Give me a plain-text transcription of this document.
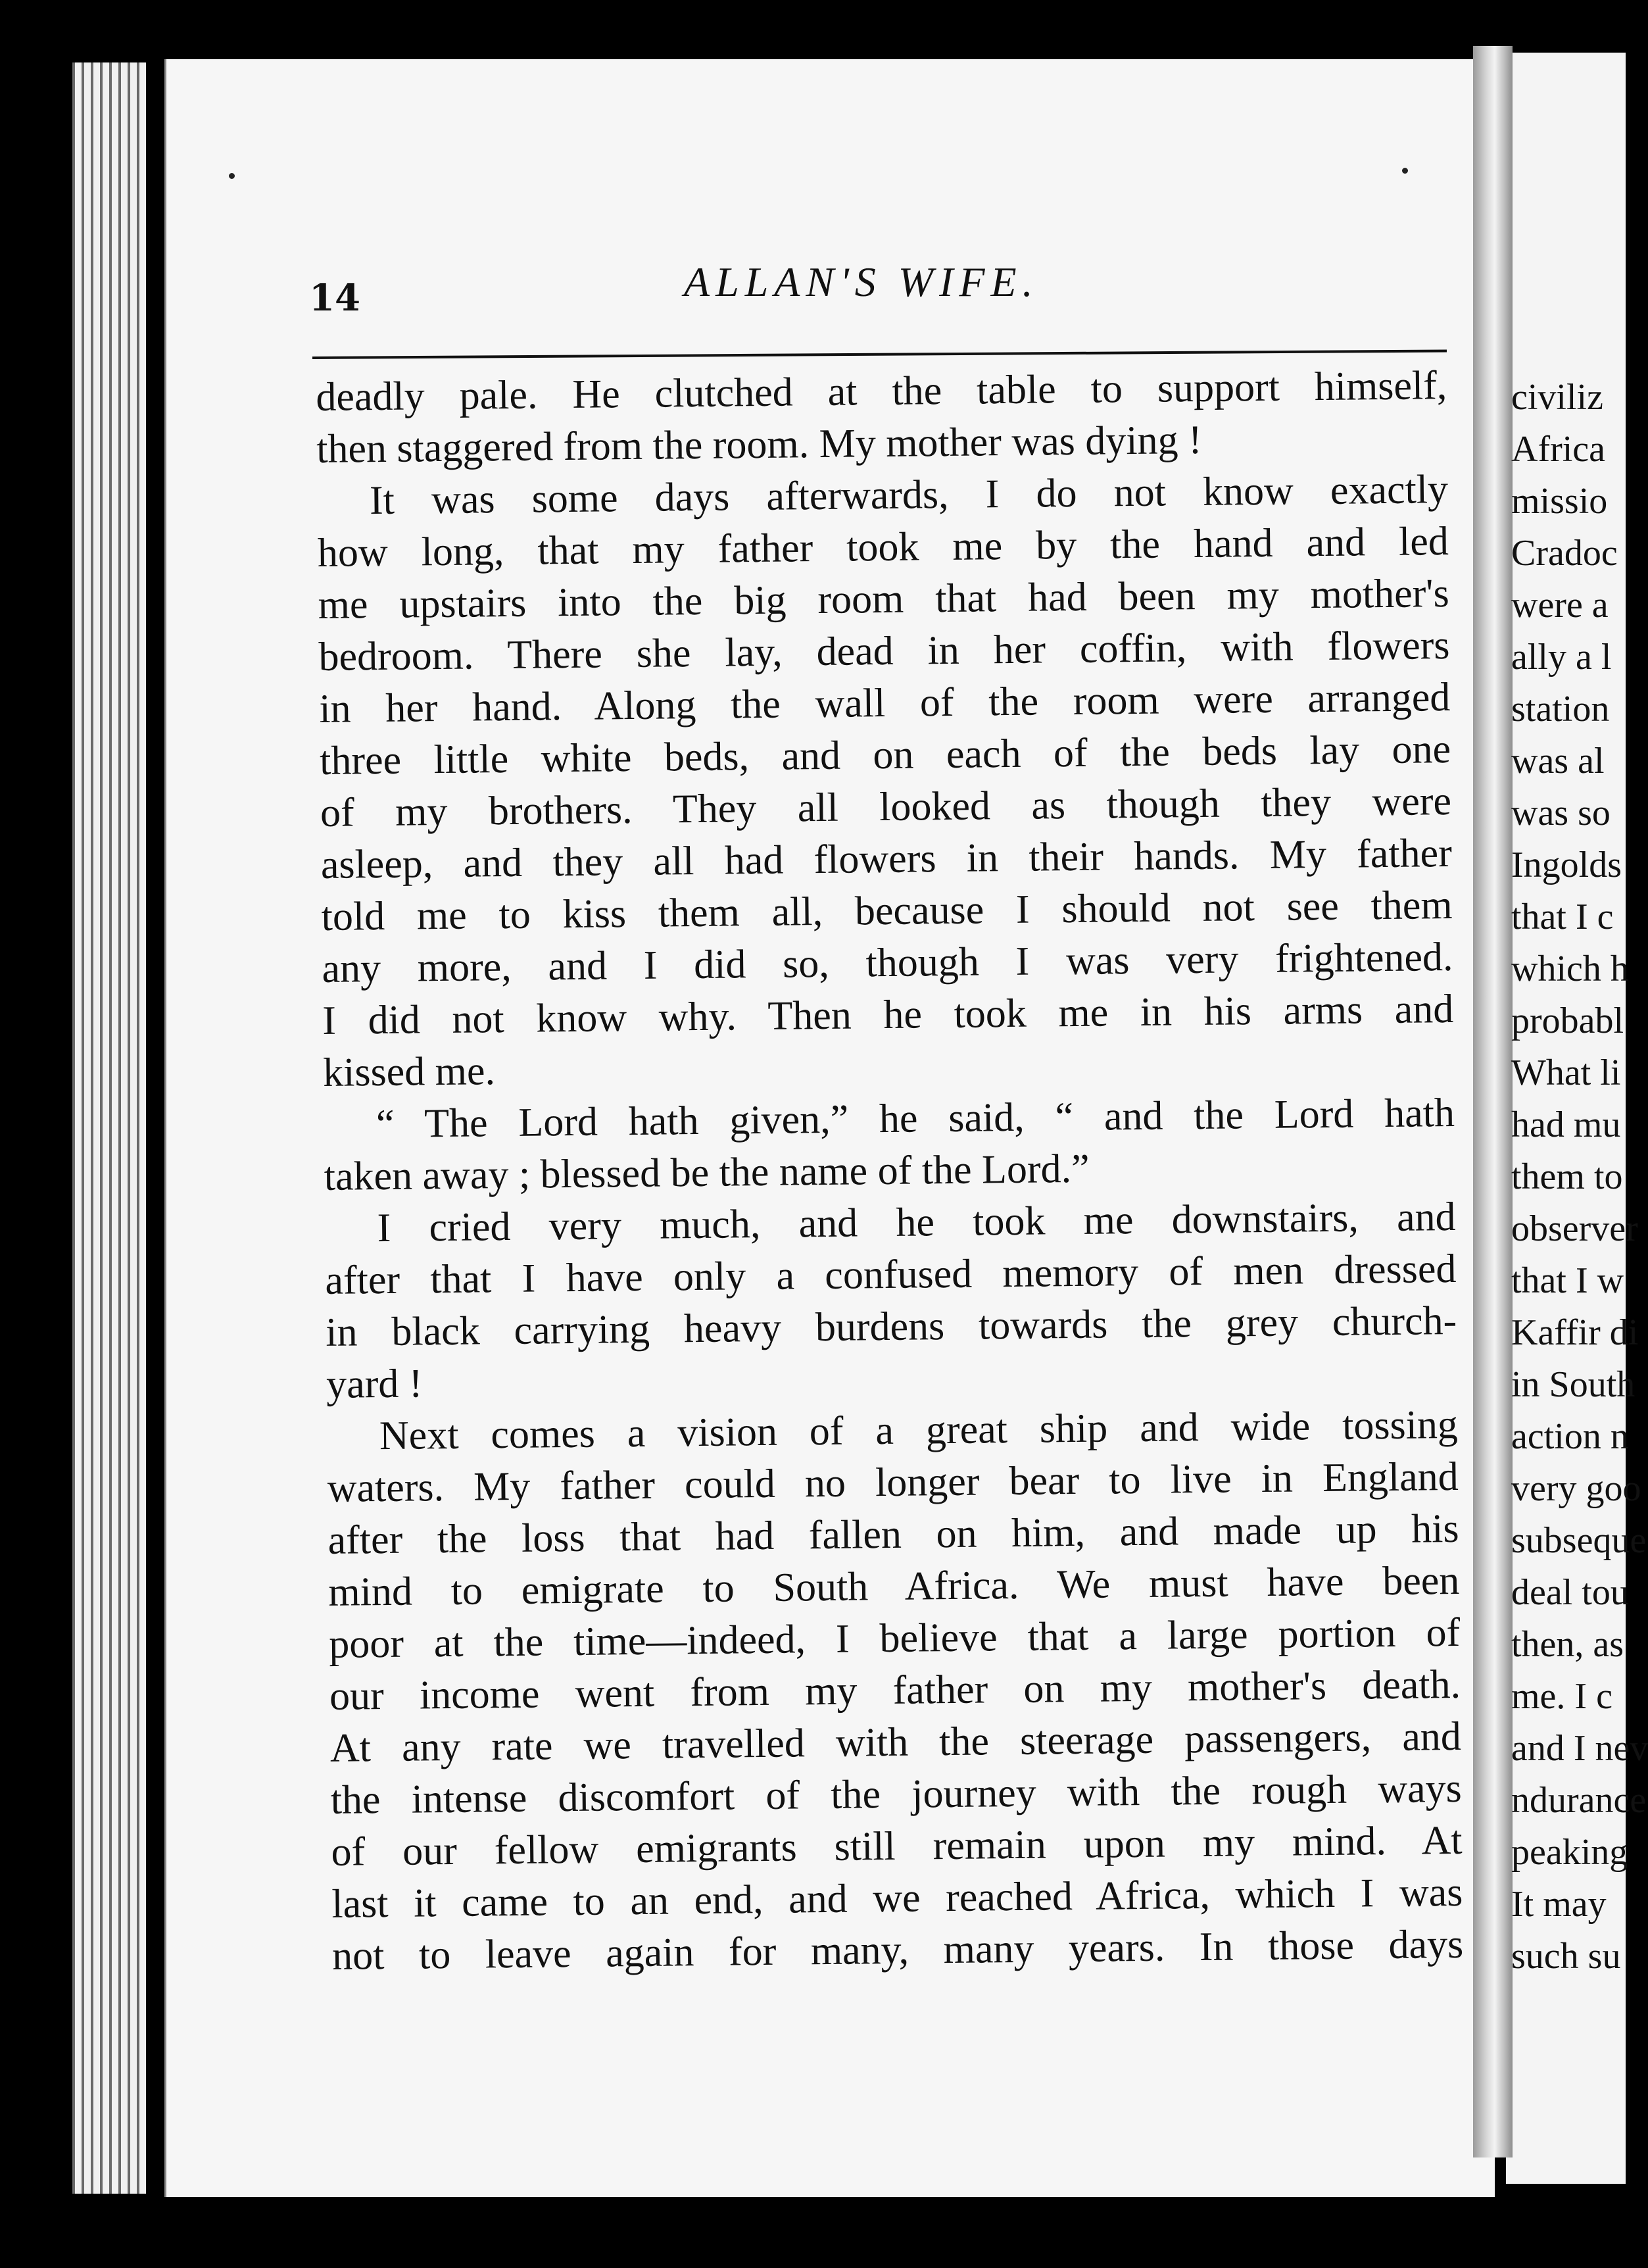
14	ALLAN'S WIFE.
deadly pale. He clutched at the table to support himself,
then staggered from the room. My mother was dying !
It was some days afterwards, I do not know exactly
how long, that my father took me by the hand and led
me upstairs into the big room that had been my mother's
bedroom. There she lay, dead in her coffin, with flowers
in her hand. Along the wall of the room were arranged
three little white beds, and on each of the beds lay one
of my brothers. They all looked as though they were
asleep, and they all had flowers in their hands. My father
told me to kiss them all, because I should not see them
any more, and I did so, though I was very frightened.
I did not know why. Then he took me in his arms and
kissed me.
“ The Lord hath given,” he said, “ and the Lord hath
taken away ; blessed be the name of the Lord.”
I cried very much, and he took me downstairs, and
after that I have only a confused memory of men dressed
in black carrying heavy burdens towards the grey church-
yard !
Next comes a vision of a great ship and wide tossing
waters. My father could no longer bear to live in England
after the loss that had fallen on him, and made up his
mind to emigrate to South Africa. We must have been
poor at the time—indeed, I believe that a large portion of
our income went from my father on my mother's death.
At any rate we travelled with the steerage passengers, and
the intense discomfort of the journey with the rough ways
of our fellow emigrants still remain upon my mind. At
last it came to an end, and we reached Africa, which I was
not to leave again for many, many years. In those days
civiliz
Africa
missio
Cradoc
were a
ally a l
station
was al
was so
Ingolds
that I c
which h
probabl
What li
had mu
them to
observer
that I w
Kaffir di
in South
action n
very goo
subseque
deal tou
then, as
me. I c
and I nev
ndurance
peaking
It may
such su
